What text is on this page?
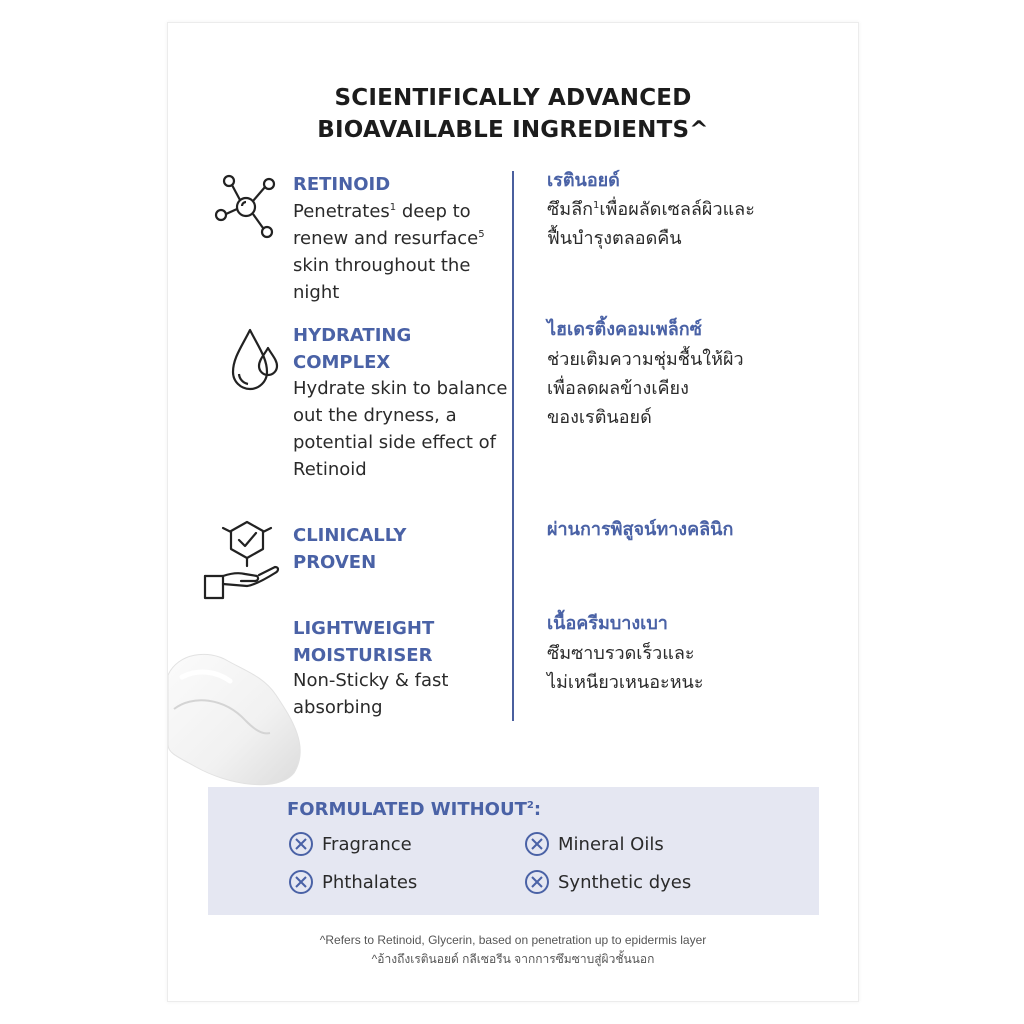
SCIENTIFICALLY ADVANCED
BIOAVAILABLE INGREDIENTS^
RETINOID

Penetrates$^1$ deep to renew and resurface$^5$ skin throughout the night

เรตินอยด์

ซึมลึก$^1$เพื่อผลัดเซลล์ผิวและ
ฟื้นบำรุงตลอดคืน

HYDRATING
COMPLEX

Hydrate skin to balance out the dryness, a potential side effect of Retinoid

ไฮเดรติ้งคอมเพล็กซ์

ช่วยเติมความชุ่มชื้นให้ผิว
เพื่อลดผลข้างเคียง
ของเรตินอยด์

CLINICALLY
PROVEN
ผ่านการพิสูจน์ทางคลินิก
LIGHTWEIGHT
MOISTURISER

Non-Sticky & fast absorbing

เนื้อครีมบางเบา

ซึมซาบรวดเร็วและ
ไม่เหนียวเหนอะหนะ

FORMULATED WITHOUT$^2$:
Fragrance	Mineral Oils
Phthalates	Synthetic dyes

^Refers to Retinoid, Glycerin, based on penetration up to epidermis layer

^อ้างถึงเรตินอยด์ กลีเซอรีน จากการซึมซาบสู่ผิวชั้นนอก
